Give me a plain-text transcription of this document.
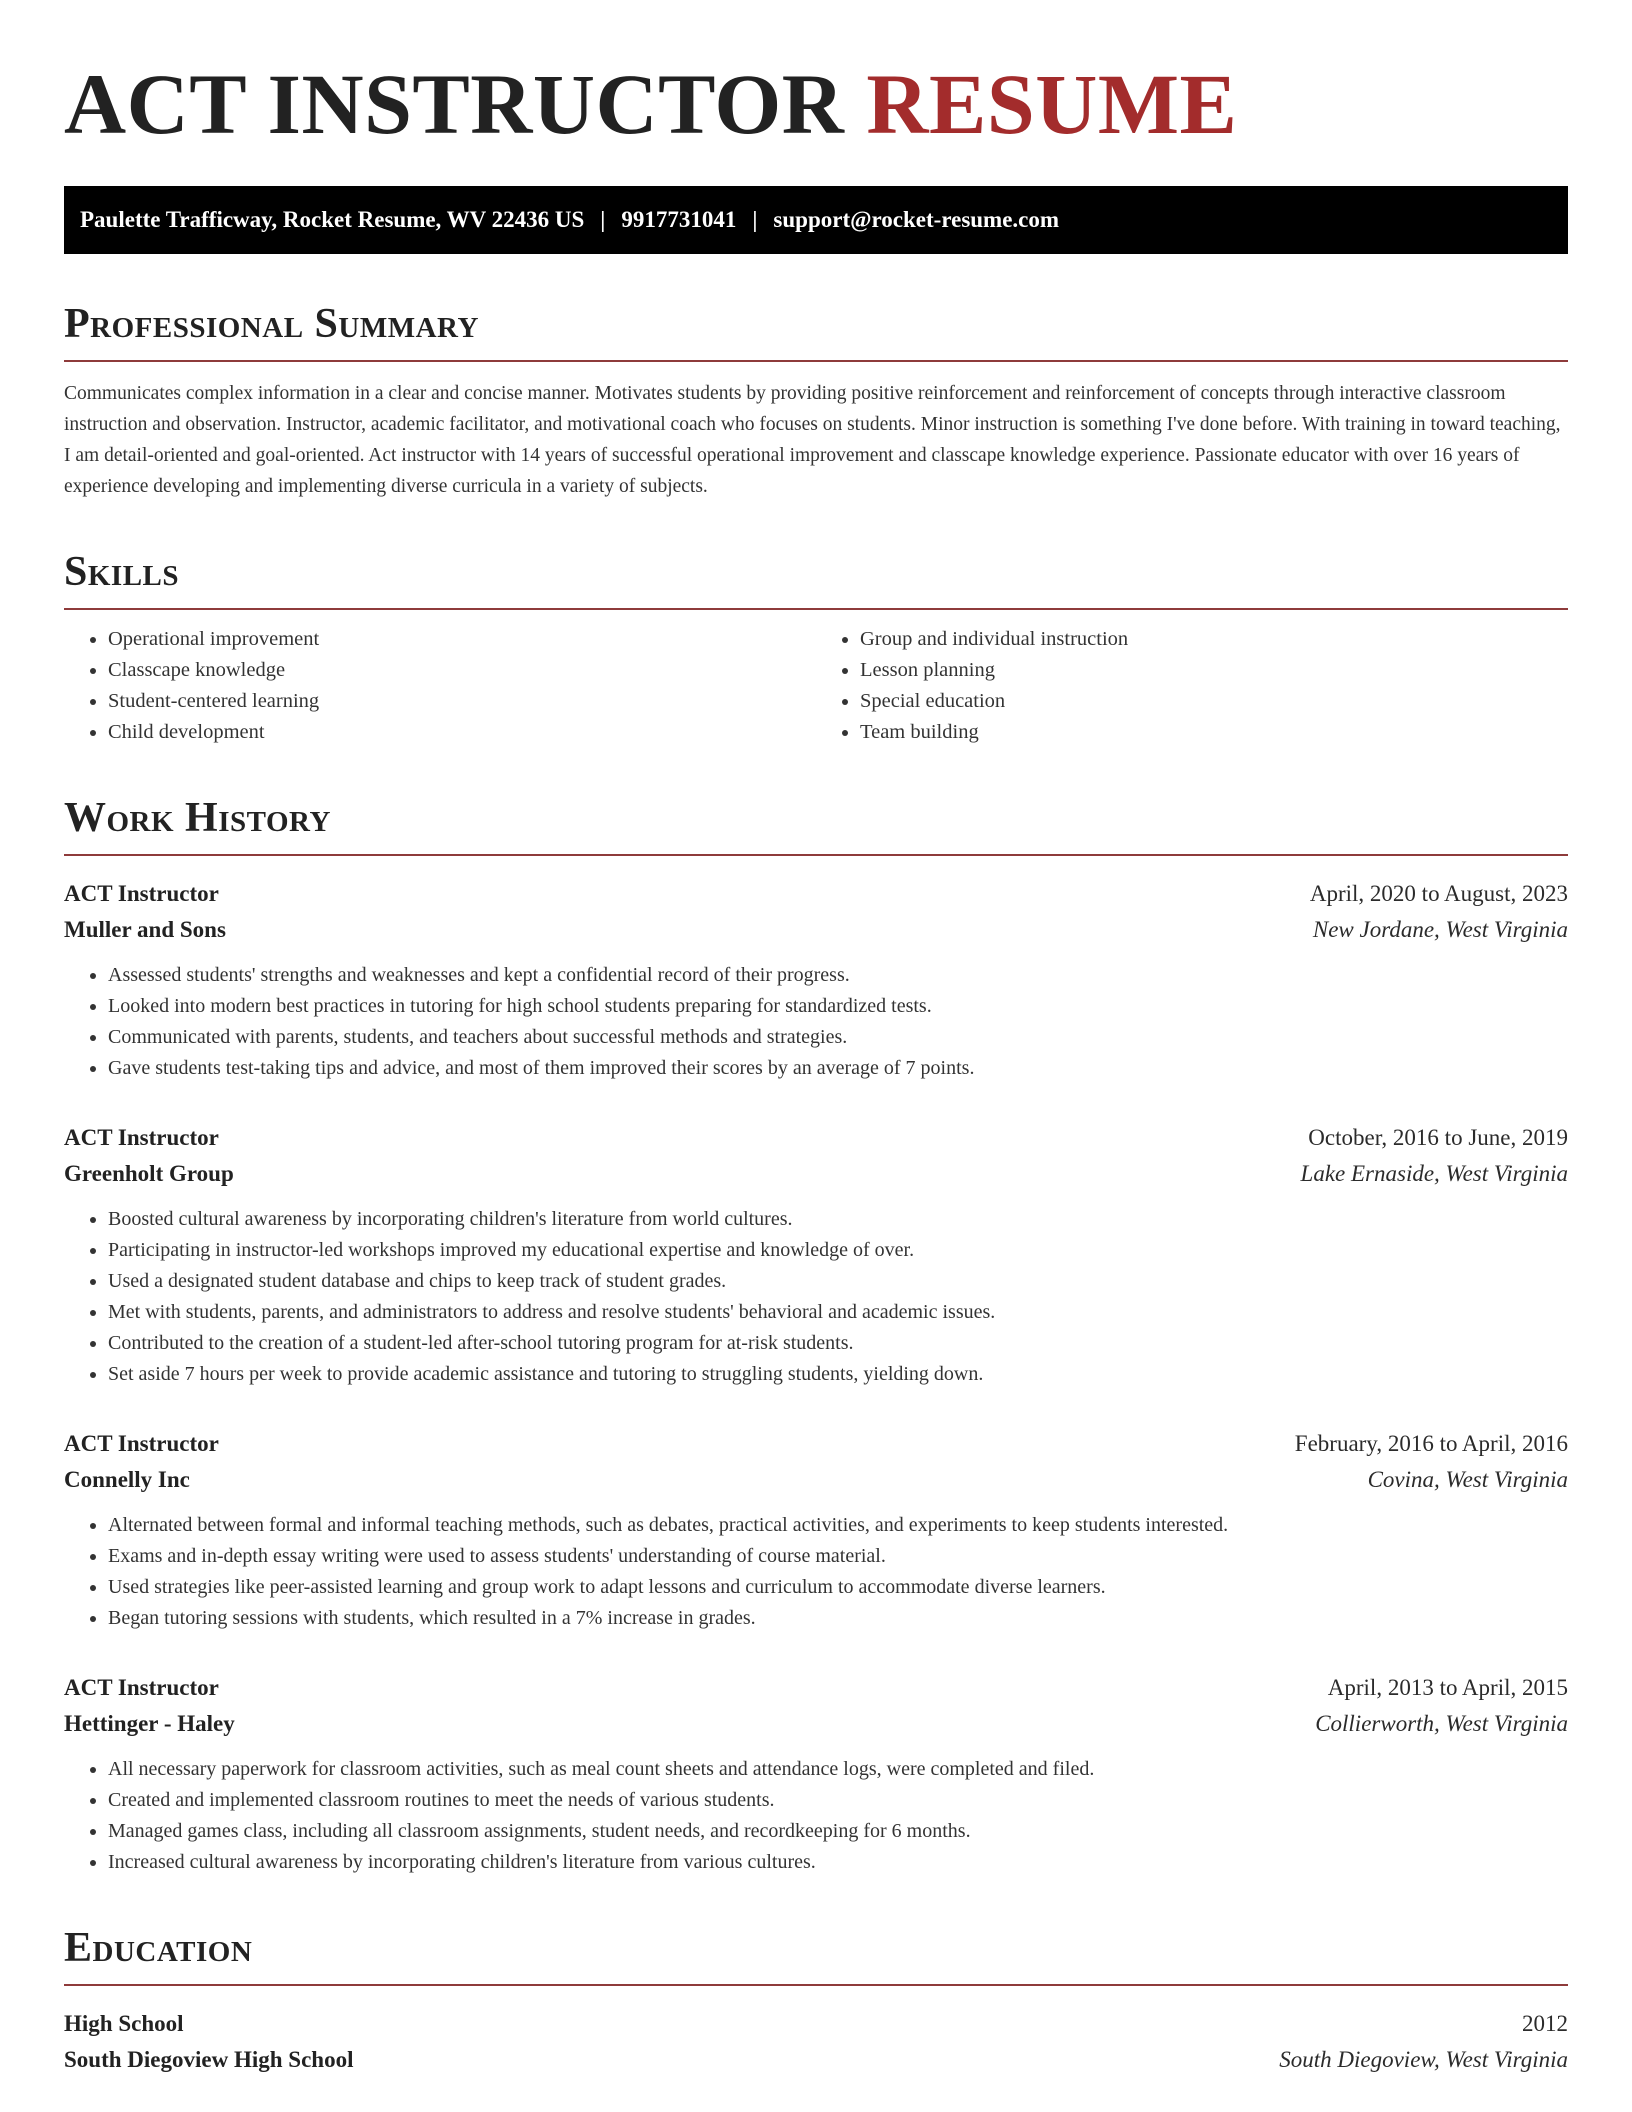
ACT INSTRUCTOR RESUME
Paulette Trafficway, Rocket Resume, WV 22436 US | 9917731041 | support@rocket-resume.com
Professional Summary

Communicates complex information in a clear and concise manner. Motivates students by providing positive reinforcement and reinforcement of concepts through interactive classroom instruction and observation. Instructor, academic facilitator, and motivational coach who focuses on students. Minor instruction is something I've done before. With training in toward teaching, I am detail-oriented and goal-oriented. Act instructor with 14 years of successful operational improvement and classcape knowledge experience. Passionate educator with over 16 years of experience developing and implementing diverse curricula in a variety of subjects.

Skills
• Operational improvement
• Classcape knowledge
• Student-centered learning
• Child development
• Group and individual instruction
• Lesson planning
• Special education
• Team building
Work History
ACT Instructor	April, 2020 to August, 2023
Muller and Sons	New Jordane, West Virginia
• Assessed students' strengths and weaknesses and kept a confidential record of their progress.
• Looked into modern best practices in tutoring for high school students preparing for standardized tests.
• Communicated with parents, students, and teachers about successful methods and strategies.
• Gave students test-taking tips and advice, and most of them improved their scores by an average of 7 points.
ACT Instructor	October, 2016 to June, 2019
Greenholt Group	Lake Ernaside, West Virginia
• Boosted cultural awareness by incorporating children's literature from world cultures.
• Participating in instructor-led workshops improved my educational expertise and knowledge of over.
• Used a designated student database and chips to keep track of student grades.
• Met with students, parents, and administrators to address and resolve students' behavioral and academic issues.
• Contributed to the creation of a student-led after-school tutoring program for at-risk students.
• Set aside 7 hours per week to provide academic assistance and tutoring to struggling students, yielding down.
ACT Instructor	February, 2016 to April, 2016
Connelly Inc	Covina, West Virginia
• Alternated between formal and informal teaching methods, such as debates, practical activities, and experiments to keep students interested.
• Exams and in-depth essay writing were used to assess students' understanding of course material.
• Used strategies like peer-assisted learning and group work to adapt lessons and curriculum to accommodate diverse learners.
• Began tutoring sessions with students, which resulted in a 7% increase in grades.
ACT Instructor	April, 2013 to April, 2015
Hettinger - Haley	Collierworth, West Virginia
• All necessary paperwork for classroom activities, such as meal count sheets and attendance logs, were completed and filed.
• Created and implemented classroom routines to meet the needs of various students.
• Managed games class, including all classroom assignments, student needs, and recordkeeping for 6 months.
• Increased cultural awareness by incorporating children's literature from various cultures.
Education
High School	2012
South Diegoview High School	South Diegoview, West Virginia
